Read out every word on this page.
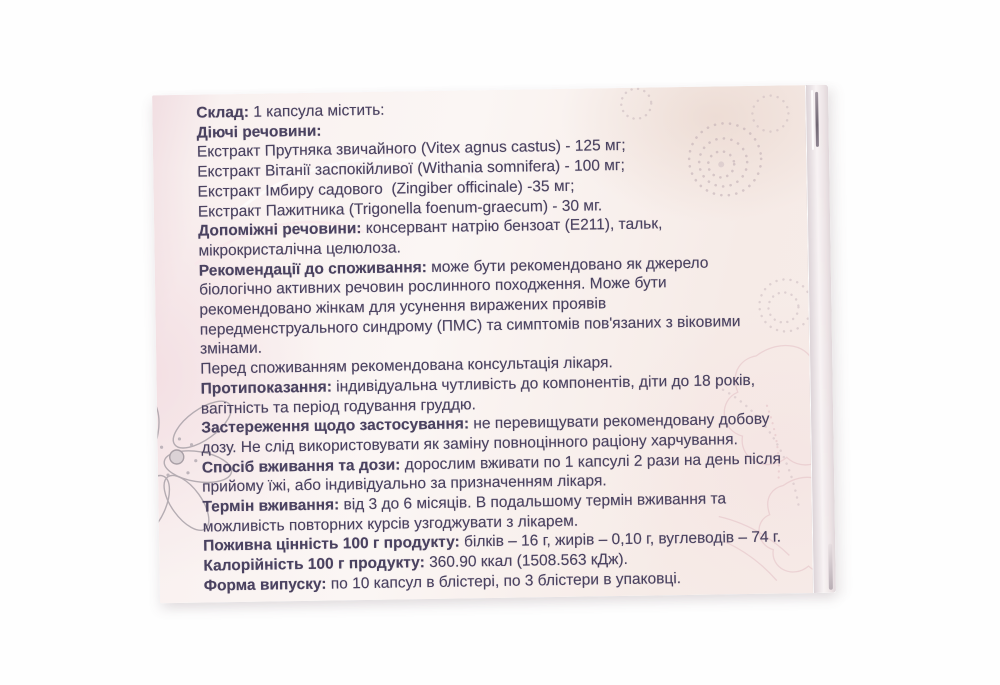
Склад: 1 капсула містить:

Діючі речовини:

Екстракт Прутняка звичайного (Vitex agnus castus) - 125 мг;

Екстракт Вітанії заспокійливої (Withania somnifera) - 100 мг;

Екстракт Імбиру садового  (Zingiber officinale) -35 мг;

Екстракт Пажитника (Trigonella foenum-graecum) - 30 мг.

Допоміжні речовини: консервант натрію бензоат (Е211), тальк,

мікрокристалічна целюлоза.

Рекомендації до споживання: може бути рекомендовано як джерело

біологічно активних речовин рослинного походження. Може бути

рекомендовано жінкам для усунення виражених проявів

передменструального синдрому (ПМС) та симптомів пов'язаних з віковими

змінами.

Перед споживанням рекомендована консультація лікаря.

Протипоказання: індивідуальна чутливість до компонентів, діти до 18 років,

вагітність та період годування груддю.

Застереження щодо застосування: не перевищувати рекомендовану добову

дозу. Не слід використовувати як заміну повноцінного раціону харчування.

Спосіб вживання та дози: дорослим вживати по 1 капсулі 2 рази на день після

прийому їжі, або індивідуально за призначенням лікаря.

Термін вживання: від 3 до 6 місяців. В подальшому термін вживання та

можливість повторних курсів узгоджувати з лікарем.

Поживна цінність 100 г продукту: білків – 16 г, жирів – 0,10 г, вуглеводів – 74 г.

Калорійність 100 г продукту: 360.90 ккал (1508.563 кДж).

Форма випуску: по 10 капсул в блістері, по 3 блістери в упаковці.
